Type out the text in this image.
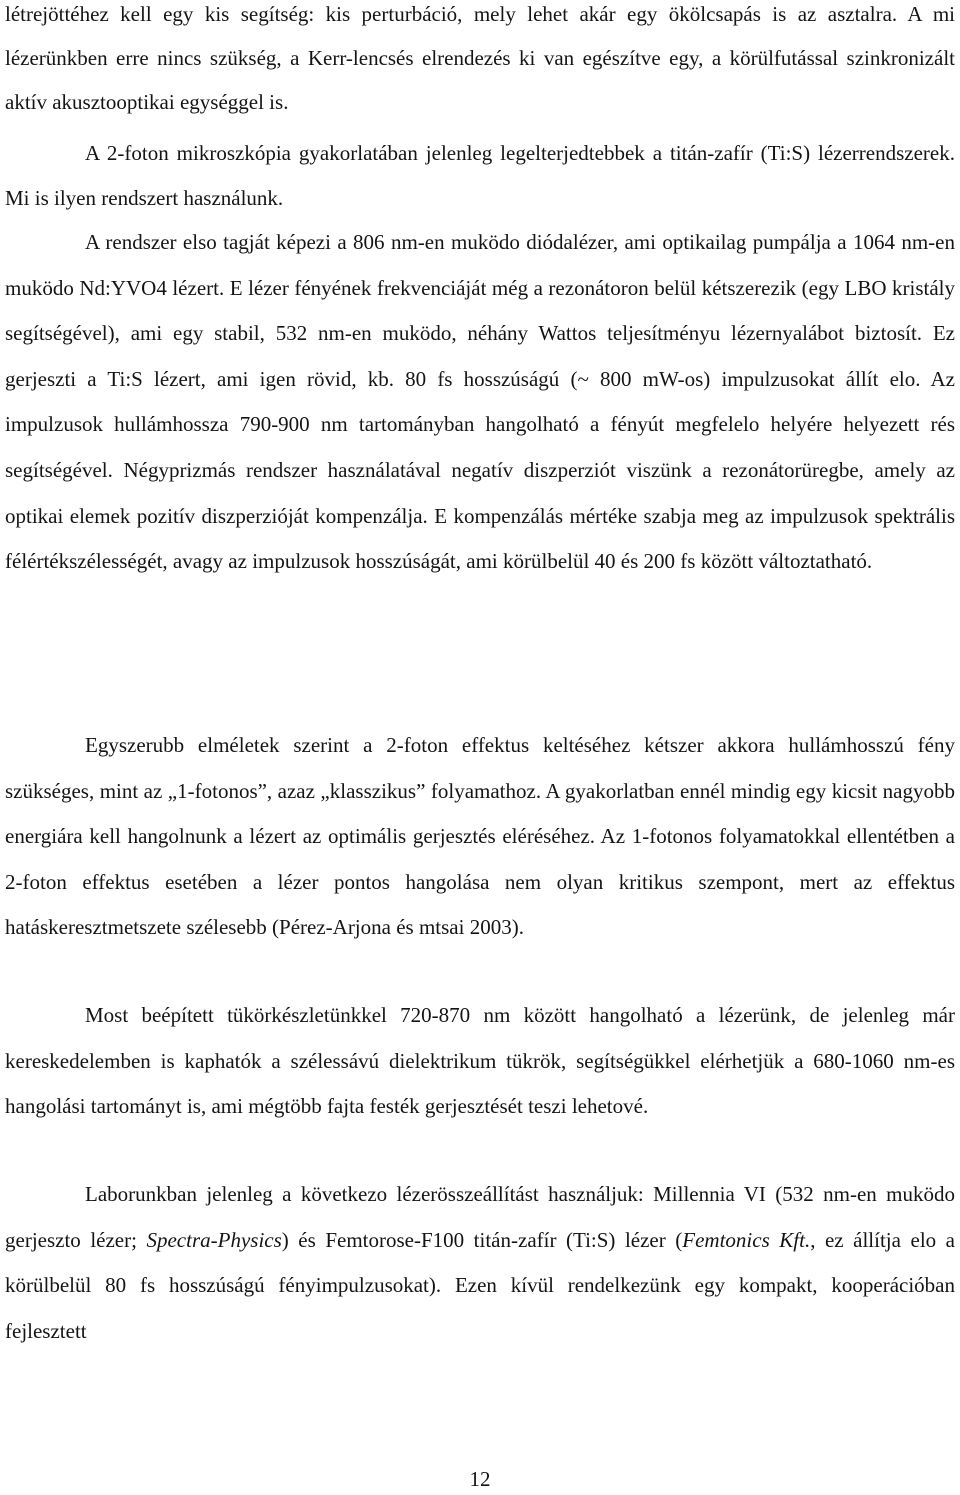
létrejöttéhez kell egy kis segítség: kis perturbáció, mely lehet akár egy ökölcsapás is az asztalra. A mi lézerünkben erre nincs szükség, a Kerr-lencsés elrendezés ki van egészítve egy, a körülfutással szinkronizált aktív akusztooptikai egységgel is.

A 2-foton mikroszkópia gyakorlatában jelenleg legelterjedtebbek a titán-zafír (Ti:S) lézerrendszerek. Mi is ilyen rendszert használunk.

A rendszer elso tagját képezi a 806 nm-en muködo diódalézer, ami optikailag pumpálja a 1064 nm-en muködo Nd:YVO4 lézert. E lézer fényének frekvenciáját még a rezonátoron belül kétszerezik (egy LBO kristály segítségével), ami egy stabil, 532 nm-en muködo, néhány Wattos teljesítményu lézernyalábot biztosít. Ez gerjeszti a Ti:S lézert, ami igen rövid, kb. 80 fs hosszúságú (~ 800 mW-os) impulzusokat állít elo. Az impulzusok hullámhossza 790-900 nm tartományban hangolható a fényút megfelelo helyére helyezett rés segítségével. Négyprizmás rendszer használatával negatív diszperziót viszünk a rezonátorüregbe, amely az optikai elemek pozitív diszperzióját kompenzálja. E kompenzálás mértéke szabja meg az impulzusok spektrális félértékszélességét, avagy az impulzusok hosszúságát, ami körülbelül 40 és 200 fs között változtatható.

Egyszerubb elméletek szerint a 2-foton effektus keltéséhez kétszer akkora hullámhosszú fény szükséges, mint az „1-fotonos”, azaz „klasszikus” folyamathoz. A gyakorlatban ennél mindig egy kicsit nagyobb energiára kell hangolnunk a lézert az optimális gerjesztés eléréséhez. Az 1-fotonos folyamatokkal ellentétben a 2-foton effektus esetében a lézer pontos hangolása nem olyan kritikus szempont, mert az effektus hatáskeresztmetszete szélesebb (Pérez-Arjona és mtsai 2003).

Most beépített tükörkészletünkkel 720-870 nm között hangolható a lézerünk, de jelenleg már kereskedelemben is kaphatók a szélessávú dielektrikum tükrök, segítségükkel elérhetjük a 680-1060 nm-es hangolási tartományt is, ami mégtöbb fajta festék gerjesztését teszi lehetové.

Laborunkban jelenleg a következo lézerösszeállítást használjuk: Millennia VI (532 nm-en muködo gerjeszto lézer; Spectra-Physics) és Femtorose-F100 titán-zafír (Ti:S) lézer (Femtonics Kft., ez állítja elo a körülbelül 80 fs hosszúságú fényimpulzusokat). Ezen kívül rendelkezünk egy kompakt, kooperációban fejlesztett

12
